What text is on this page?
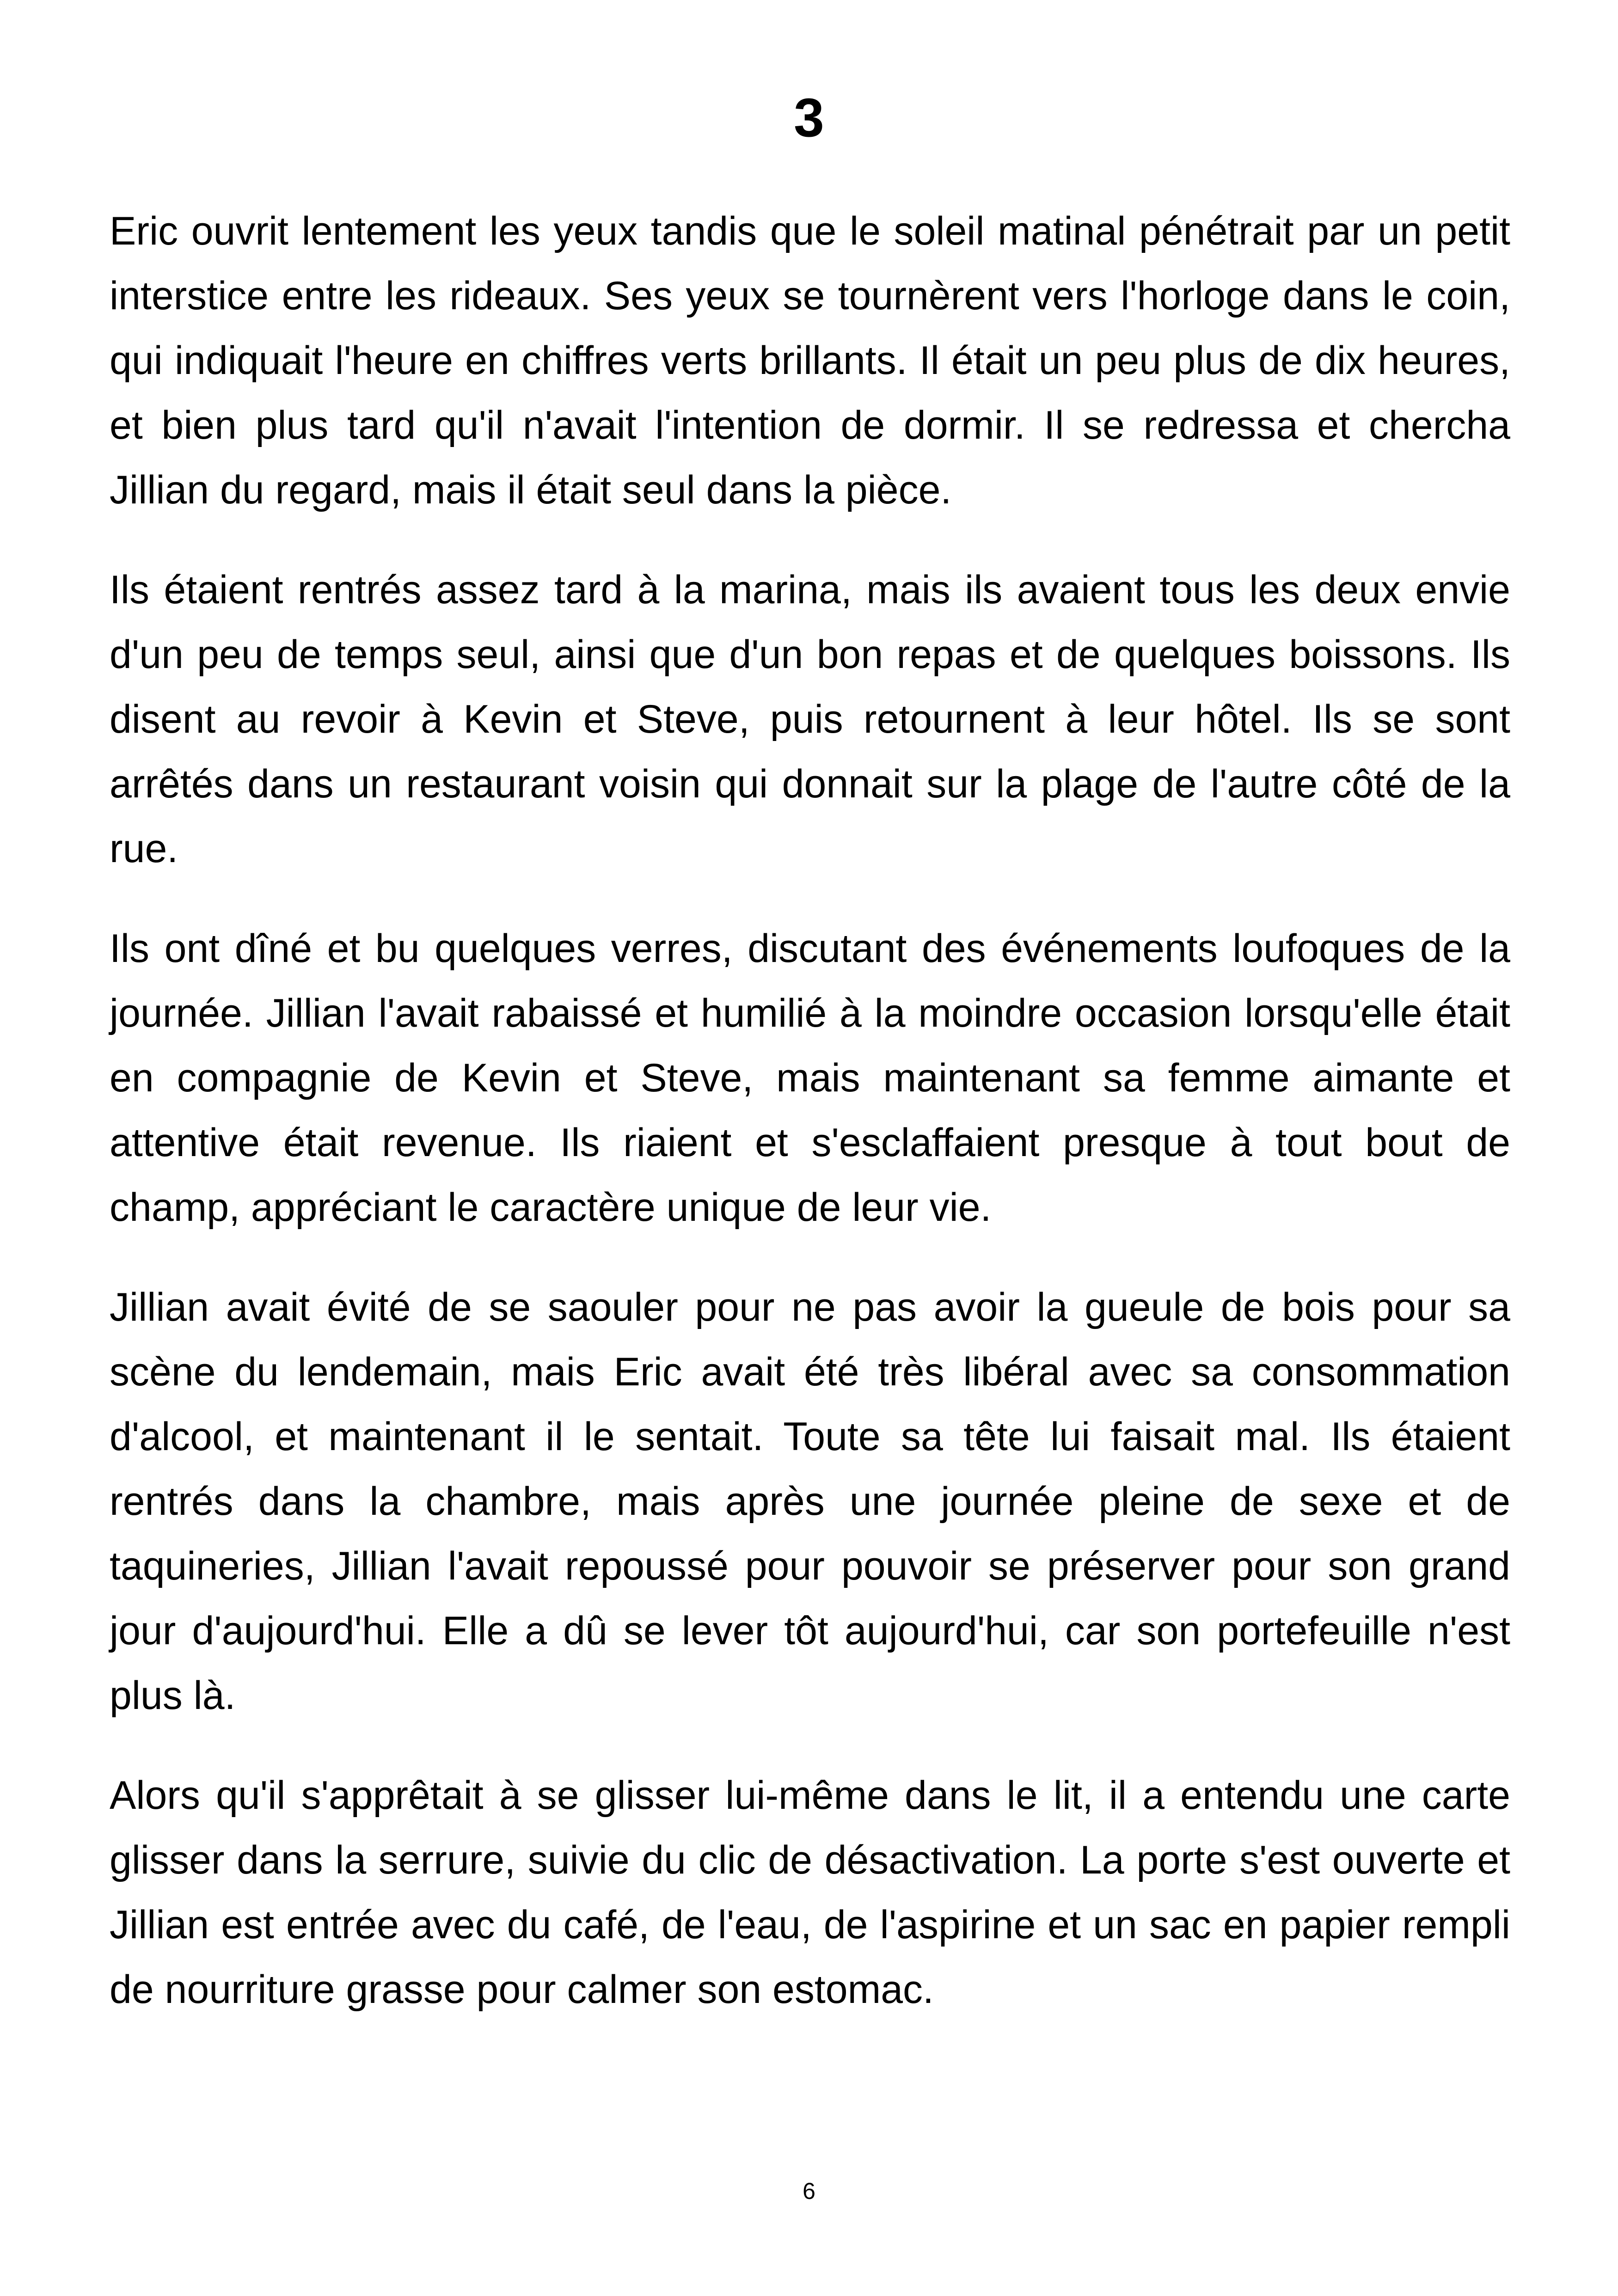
3

Eric ouvrit lentement les yeux tandis que le soleil matinal pénétrait par un petit interstice entre les rideaux. Ses yeux se tournèrent vers l'horloge dans le coin, qui indiquait l'heure en chiffres verts brillants. Il était un peu plus de dix heures, et bien plus tard qu'il n'avait l'intention de dormir. Il se redressa et chercha Jillian du regard, mais il était seul dans la pièce.

Ils étaient rentrés assez tard à la marina, mais ils avaient tous les deux envie d'un peu de temps seul, ainsi que d'un bon repas et de quelques boissons. Ils disent au revoir à Kevin et Steve, puis retournent à leur hôtel. Ils se sont arrêtés dans un restaurant voisin qui donnait sur la plage de l'autre côté de la rue.

Ils ont dîné et bu quelques verres, discutant des événements loufoques de la journée. Jillian l'avait rabaissé et humilié à la moindre occasion lorsqu'elle était en compagnie de Kevin et Steve, mais maintenant sa femme aimante et attentive était revenue. Ils riaient et s'esclaffaient presque à tout bout de champ, appréciant le caractère unique de leur vie.

Jillian avait évité de se saouler pour ne pas avoir la gueule de bois pour sa scène du lendemain, mais Eric avait été très libéral avec sa consommation d'alcool, et maintenant il le sentait. Toute sa tête lui faisait mal. Ils étaient rentrés dans la chambre, mais après une journée pleine de sexe et de taquineries, Jillian l'avait repoussé pour pouvoir se préserver pour son grand jour d'aujourd'hui. Elle a dû se lever tôt aujourd'hui, car son portefeuille n'est plus là.

Alors qu'il s'apprêtait à se glisser lui-même dans le lit, il a entendu une carte glisser dans la serrure, suivie du clic de désactivation. La porte s'est ouverte et Jillian est entrée avec du café, de l'eau, de l'aspirine et un sac en papier rempli de nourriture grasse pour calmer son estomac.

6
